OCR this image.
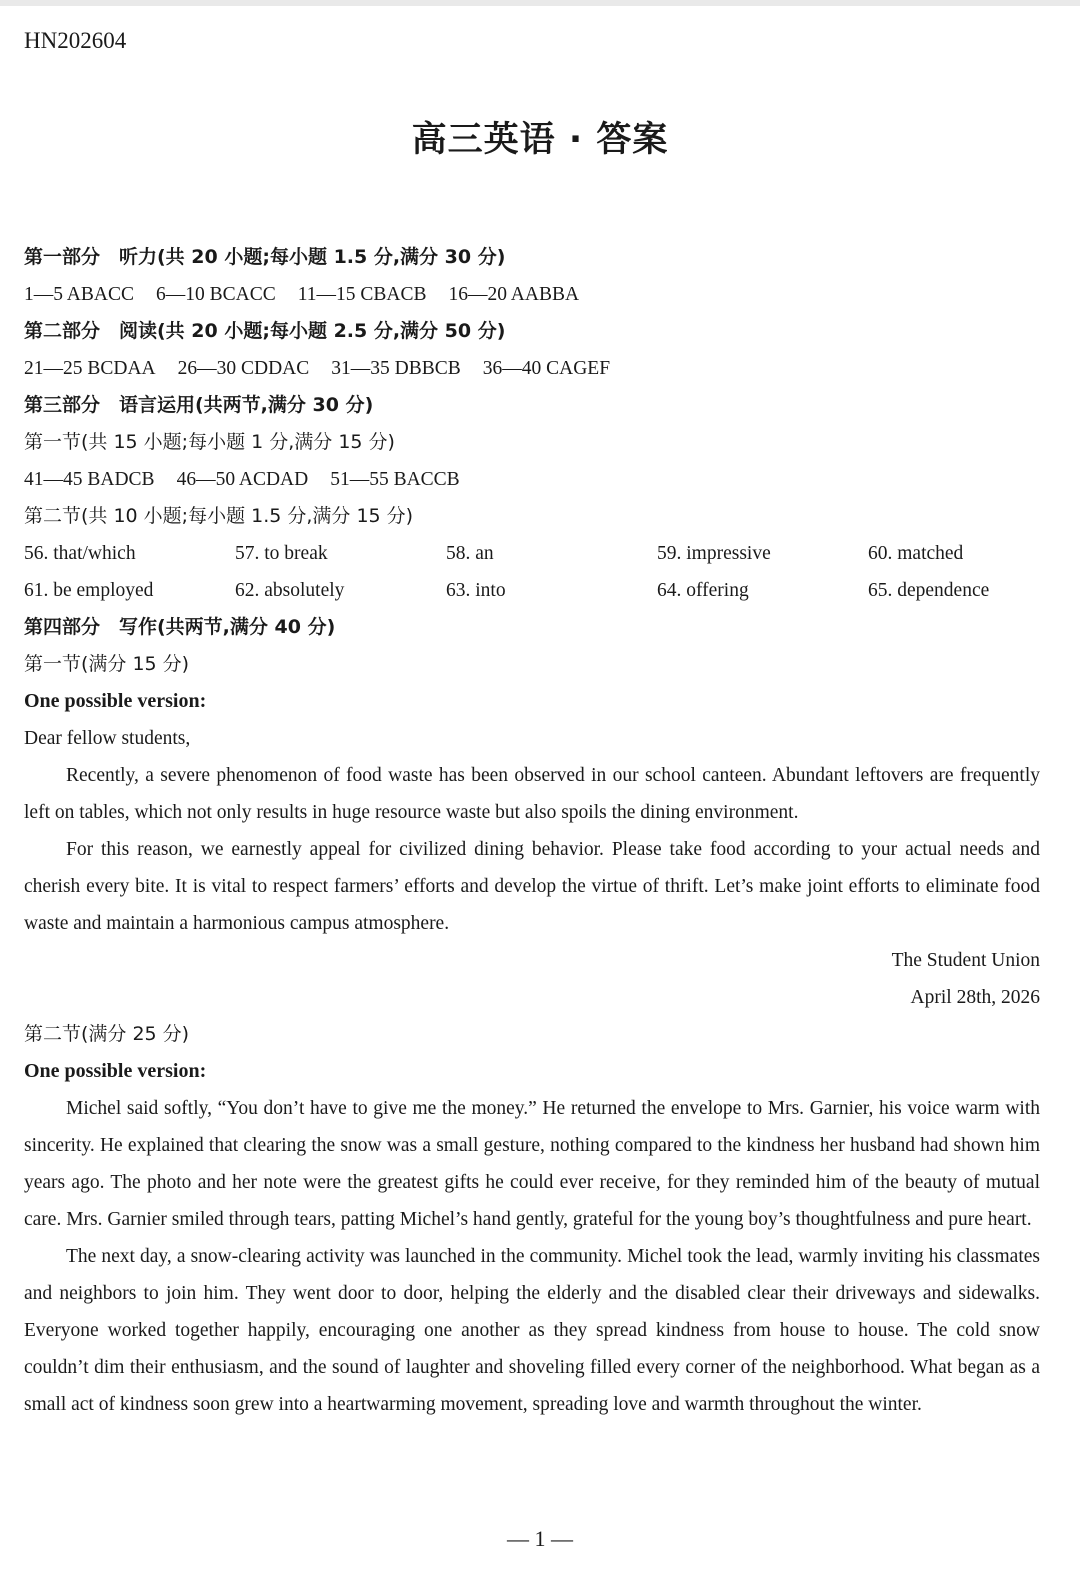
HN202604
高三英语 · 答案
第一部分　听力(共 20 小题;每小题 1.5 分,满分 30 分)
1—5 ABACC 6—10 BCACC 11—15 CBACB 16—20 AABBA
第二部分　阅读(共 20 小题;每小题 2.5 分,满分 50 分)
21—25 BCDAA 26—30 CDDAC 31—35 DBBCB 36—40 CAGEF
第三部分　语言运用(共两节,满分 30 分)
第一节(共 15 小题;每小题 1 分,满分 15 分)
41—45 BADCB 46—50 ACDAD 51—55 BACCB
第二节(共 10 小题;每小题 1.5 分,满分 15 分)
56. that/which	57. to break	58. an	59. impressive	60. matched
61. be employed	62. absolutely	63. into	64. offering	65. dependence
第四部分　写作(共两节,满分 40 分)
第一节(满分 15 分)
One possible version:
Dear fellow students,

Recently, a severe phenomenon of food waste has been observed in our school canteen. Abundant leftovers are frequently left on tables, which not only results in huge resource waste but also spoils the dining environment.

For this reason, we earnestly appeal for civilized dining behavior. Please take food according to your actual needs and cherish every bite. It is vital to respect farmers’ efforts and develop the virtue of thrift. Let’s make joint efforts to eliminate food waste and maintain a harmonious campus atmosphere.

The Student Union
April 28th, 2026
第二节(满分 25 分)
One possible version:

Michel said softly, “You don’t have to give me the money.” He returned the envelope to Mrs. Garnier, his voice warm with sincerity. He explained that clearing the snow was a small gesture, nothing compared to the kindness her husband had shown him years ago. The photo and her note were the greatest gifts he could ever receive, for they reminded him of the beauty of mutual care. Mrs. Garnier smiled through tears, patting Michel’s hand gently, grateful for the young boy’s thoughtfulness and pure heart.

The next day, a snow-clearing activity was launched in the community. Michel took the lead, warmly inviting his classmates and neighbors to join him. They went door to door, helping the elderly and the disabled clear their driveways and sidewalks. Everyone worked together happily, encouraging one another as they spread kindness from house to house. The cold snow couldn’t dim their enthusiasm, and the sound of laughter and shoveling filled every corner of the neighborhood. What began as a small act of kindness soon grew into a heartwarming movement, spreading love and warmth throughout the winter.

— 1 —
